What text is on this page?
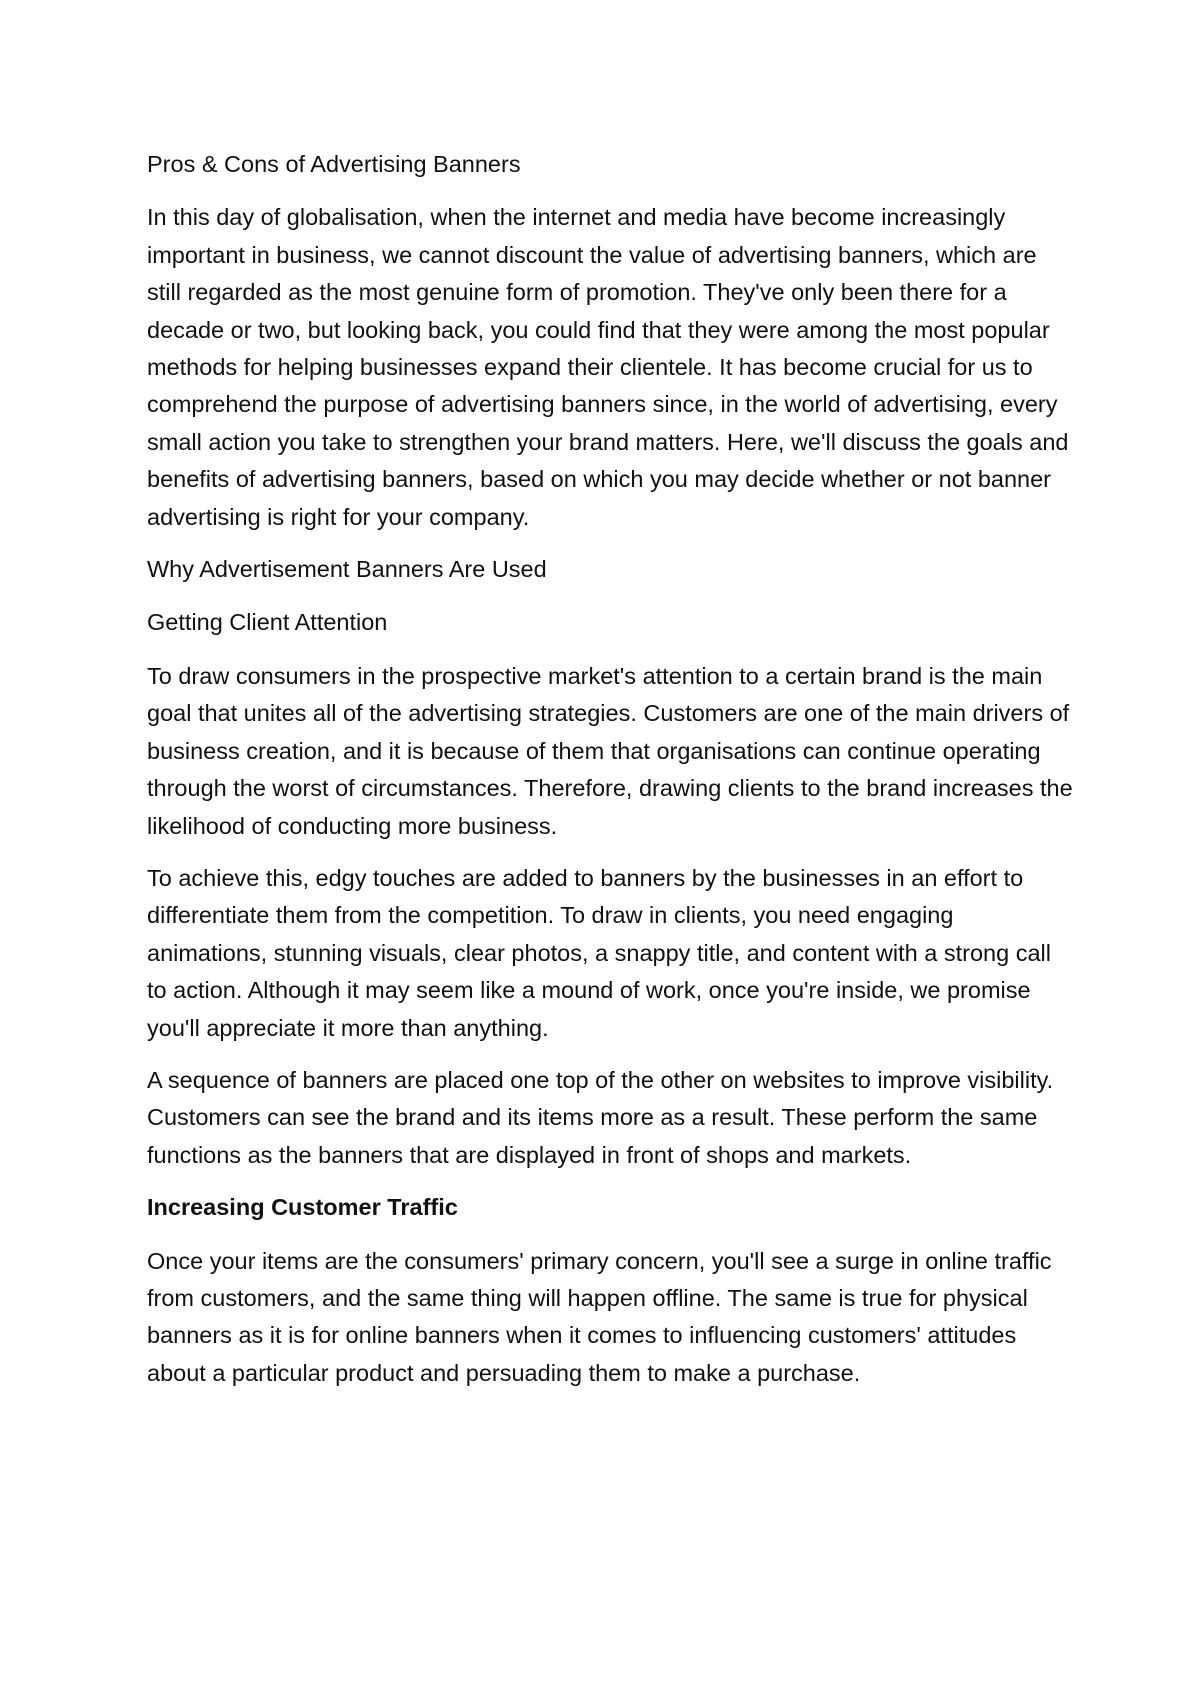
Pros & Cons of Advertising Banners

In this day of globalisation, when the internet and media have become increasingly important in business, we cannot discount the value of advertising banners, which are still regarded as the most genuine form of promotion. They've only been there for a decade or two, but looking back, you could find that they were among the most popular methods for helping businesses expand their clientele. It has become crucial for us to comprehend the purpose of advertising banners since, in the world of advertising, every small action you take to strengthen your brand matters. Here, we'll discuss the goals and benefits of advertising banners, based on which you may decide whether or not banner advertising is right for your company.

Why Advertisement Banners Are Used

Getting Client Attention

To draw consumers in the prospective market's attention to a certain brand is the main goal that unites all of the advertising strategies. Customers are one of the main drivers of business creation, and it is because of them that organisations can continue operating through the worst of circumstances. Therefore, drawing clients to the brand increases the likelihood of conducting more business.

To achieve this, edgy touches are added to banners by the businesses in an effort to differentiate them from the competition. To draw in clients, you need engaging animations, stunning visuals, clear photos, a snappy title, and content with a strong call to action. Although it may seem like a mound of work, once you're inside, we promise you'll appreciate it more than anything.

A sequence of banners are placed one top of the other on websites to improve visibility. Customers can see the brand and its items more as a result. These perform the same functions as the banners that are displayed in front of shops and markets.

Increasing Customer Traffic

Once your items are the consumers' primary concern, you'll see a surge in online traffic from customers, and the same thing will happen offline. The same is true for physical banners as it is for online banners when it comes to influencing customers' attitudes about a particular product and persuading them to make a purchase.
